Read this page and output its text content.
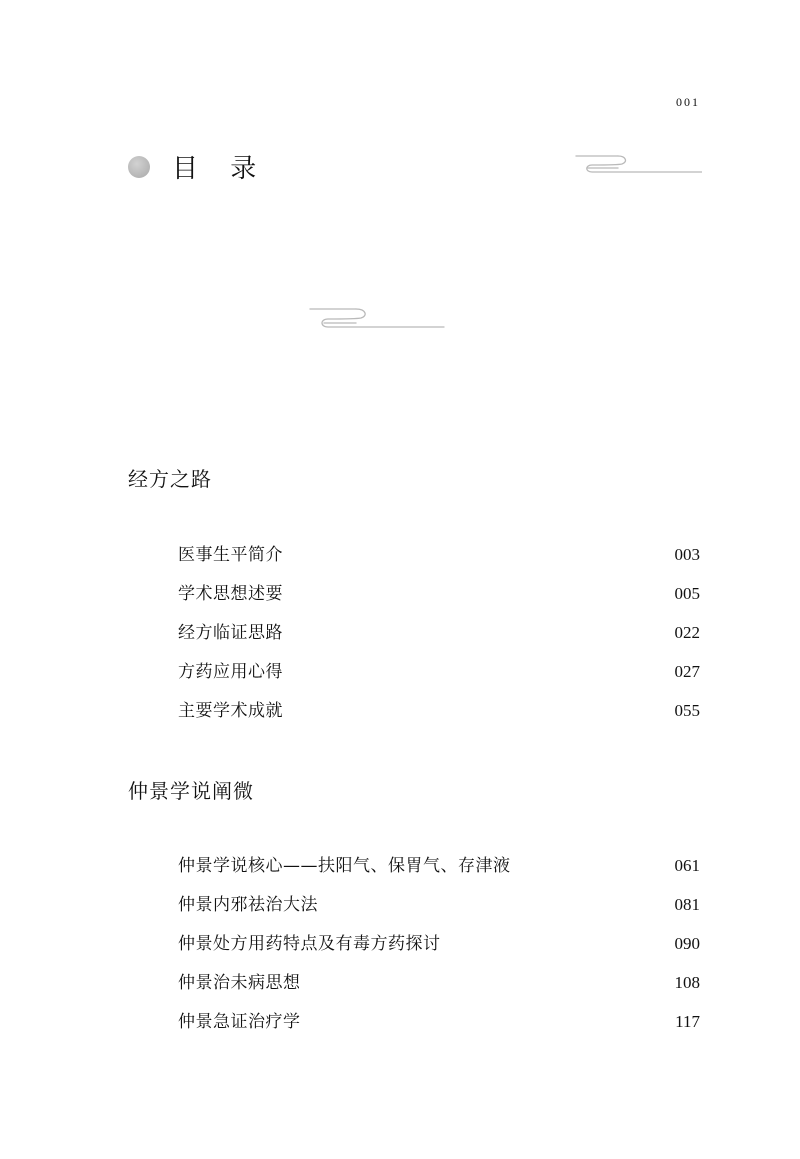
001
目 录
经方之路
医事生平简介	003
学术思想述要	005
经方临证思路	022
方药应用心得	027
主要学术成就	055
仲景学说阐微
仲景学说核心——扶阳气、保胃气、存津液	061
仲景内邪祛治大法	081
仲景处方用药特点及有毒方药探讨	090
仲景治未病思想	108
仲景急证治疗学	117
